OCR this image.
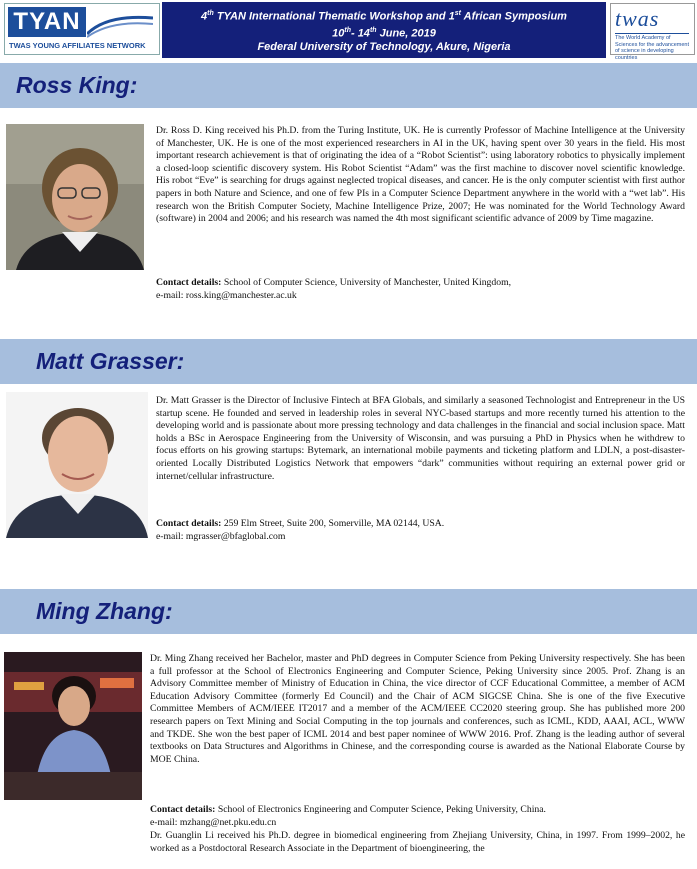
TYAN
TWAS YOUNG AFFILIATES NETWORK
4th TYAN International Thematic Workshop and 1st African Symposium
10th- 14th June, 2019
Federal University of Technology, Akure, Nigeria
twas
The World Academy of Sciences for the advancement of science in developing countries
Ross King:
Dr. Ross D. King received his Ph.D. from the Turing Institute, UK. He is currently Professor of Machine Intelligence at the University of Manchester, UK. He is one of the most experienced researchers in AI in the UK, having spent over 30 years in the field. His most important research achievement is that of originating the idea of a “Robot Scientist”: using laboratory robotics to physically implement a closed-loop scientific discovery system. His Robot Scientist “Adam” was the first machine to discover novel scientific knowledge. His robot “Eve” is searching for drugs against neglected tropical diseases, and cancer. He is the only computer scientist with first author papers in both Nature and Science, and one of few PIs in a Computer Science Department anywhere in the world with a “wet lab”. His research won the British Computer Society, Machine Intelligence Prize, 2007; He was nominated for the World Technology Award (software) in 2004 and 2006; and his research was named the 4th most significant scientific advance of 2009 by Time magazine.
Contact details: School of Computer Science, University of Manchester, United Kingdom,
e-mail: ross.king@manchester.ac.uk
Matt Grasser:
Dr. Matt Grasser is the Director of Inclusive Fintech at BFA Globals, and similarly a seasoned Technologist and Entrepreneur in the US startup scene. He founded and served in leadership roles in several NYC-based startups and more recently turned his attention to the developing world and is passionate about more pressing technology and data challenges in the financial and social inclusion space. Matt holds a BSc in Aerospace Engineering from the University of Wisconsin, and was pursuing a PhD in Physics when he withdrew to focus efforts on his growing startups: Bytemark, an international mobile payments and ticketing platform and LDLN, a post-disaster-oriented Locally Distributed Logistics Network that empowers “dark” communities without requiring an external power grid or internet/cellular infrastructure.
Contact details: 259 Elm Street, Suite 200, Somerville, MA 02144, USA.
e-mail: mgrasser@bfaglobal.com
Ming Zhang:
Dr. Ming Zhang received her Bachelor, master and PhD degrees in Computer Science from Peking University respectively. She has been a full professor at the School of Electronics Engineering and Computer Science, Peking University since 2005. Prof. Zhang is an Advisory Committee member of Ministry of Education in China, the vice director of CCF Educational Committee, a member of ACM Education Advisory Committee (formerly Ed Council) and the Chair of ACM SIGCSE China. She is one of the five Executive Committee Members of ACM/IEEE IT2017 and a member of the ACM/IEEE CC2020 steering group. She has published more 200 research papers on Text Mining and Social Computing in the top journals and conferences, such as ICML, KDD, AAAI, ACL, WWW and TKDE. She won the best paper of ICML 2014 and best paper nominee of WWW 2016. Prof. Zhang is the leading author of several textbooks on Data Structures and Algorithms in Chinese, and the corresponding course is awarded as the National Elaborate Course by MOE China.
Contact details: School of Electronics Engineering and Computer Science, Peking University, China.
e-mail: mzhang@net.pku.edu.cn
Dr. Guanglin Li received his Ph.D. degree in biomedical engineering from Zhejiang University, China, in 1997. From 1999–2002, he worked as a Postdoctoral Research Associate in the Department of bioengineering, the
